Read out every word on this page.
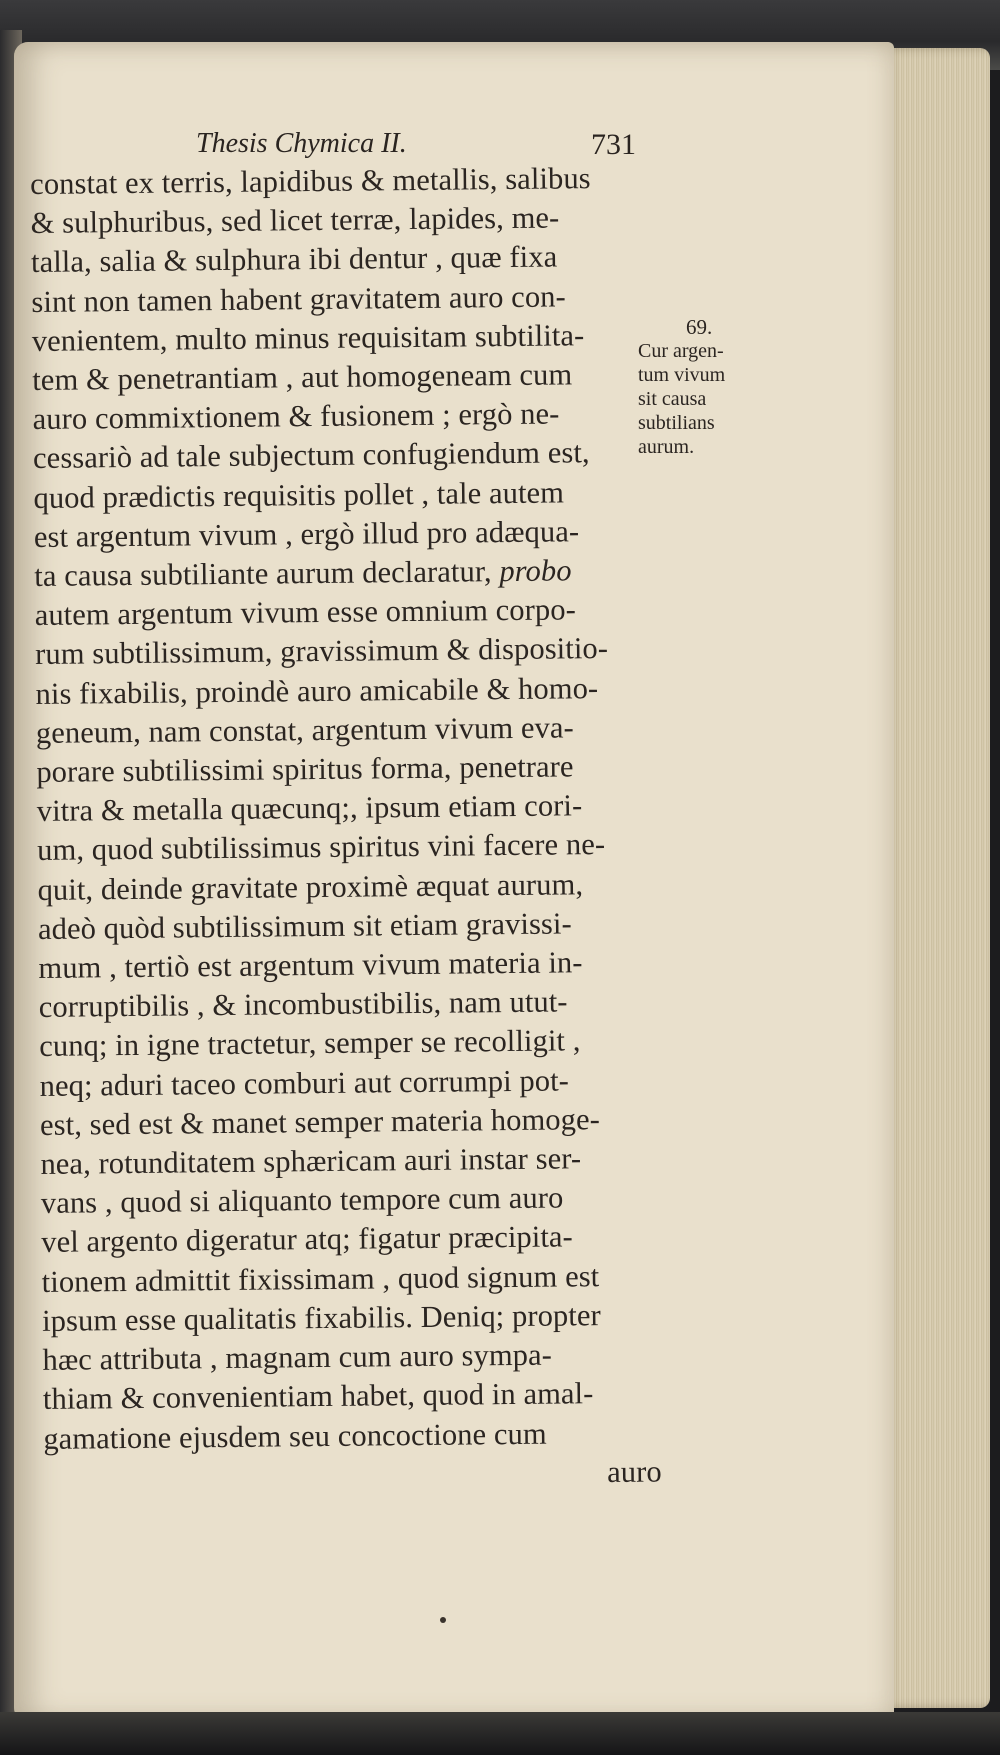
Thesis Chymica II.	731
constat ex terris, lapidibus & metallis, salibus
& sulphuribus, sed licet terræ, lapides, me-
talla, salia & sulphura ibi dentur , quæ fixa
sint non tamen habent gravitatem auro con-
venientem, multo minus requisitam subtilita-
tem & penetrantiam , aut homogeneam cum
auro commixtionem & fusionem ; ergò ne-
cessariò ad tale subjectum confugiendum est,
quod prædictis requisitis pollet , tale autem
est argentum vivum , ergò illud pro adæqua-
ta causa subtiliante aurum declaratur, probo
autem argentum vivum esse omnium corpo-
rum subtilissimum, gravissimum & dispositio-
nis fixabilis, proindè auro amicabile & homo-
geneum, nam constat, argentum vivum eva-
porare subtilissimi spiritus forma, penetrare
vitra & metalla quæcunq;, ipsum etiam cori-
um, quod subtilissimus spiritus vini facere ne-
quit, deinde gravitate proximè æquat aurum,
adeò quòd subtilissimum sit etiam gravissi-
mum , tertiò est argentum vivum materia in-
corruptibilis , & incombustibilis, nam utut-
cunq; in igne tractetur, semper se recolligit ,
neq; aduri taceo comburi aut corrumpi pot-
est, sed est & manet semper materia homoge-
nea, rotunditatem sphæricam auri instar ser-
vans , quod si aliquanto tempore cum auro
vel argento digeratur atq; figatur præcipita-
tionem admittit fixissimam , quod signum est
ipsum esse qualitatis fixabilis. Deniq; propter
hæc attributa , magnam cum auro sympa-
thiam & convenientiam habet, quod in amal-
gamatione ejusdem seu concoctione cum
auro
69.
Cur argen-
tum vivum
sit causa
subtilians
aurum.
